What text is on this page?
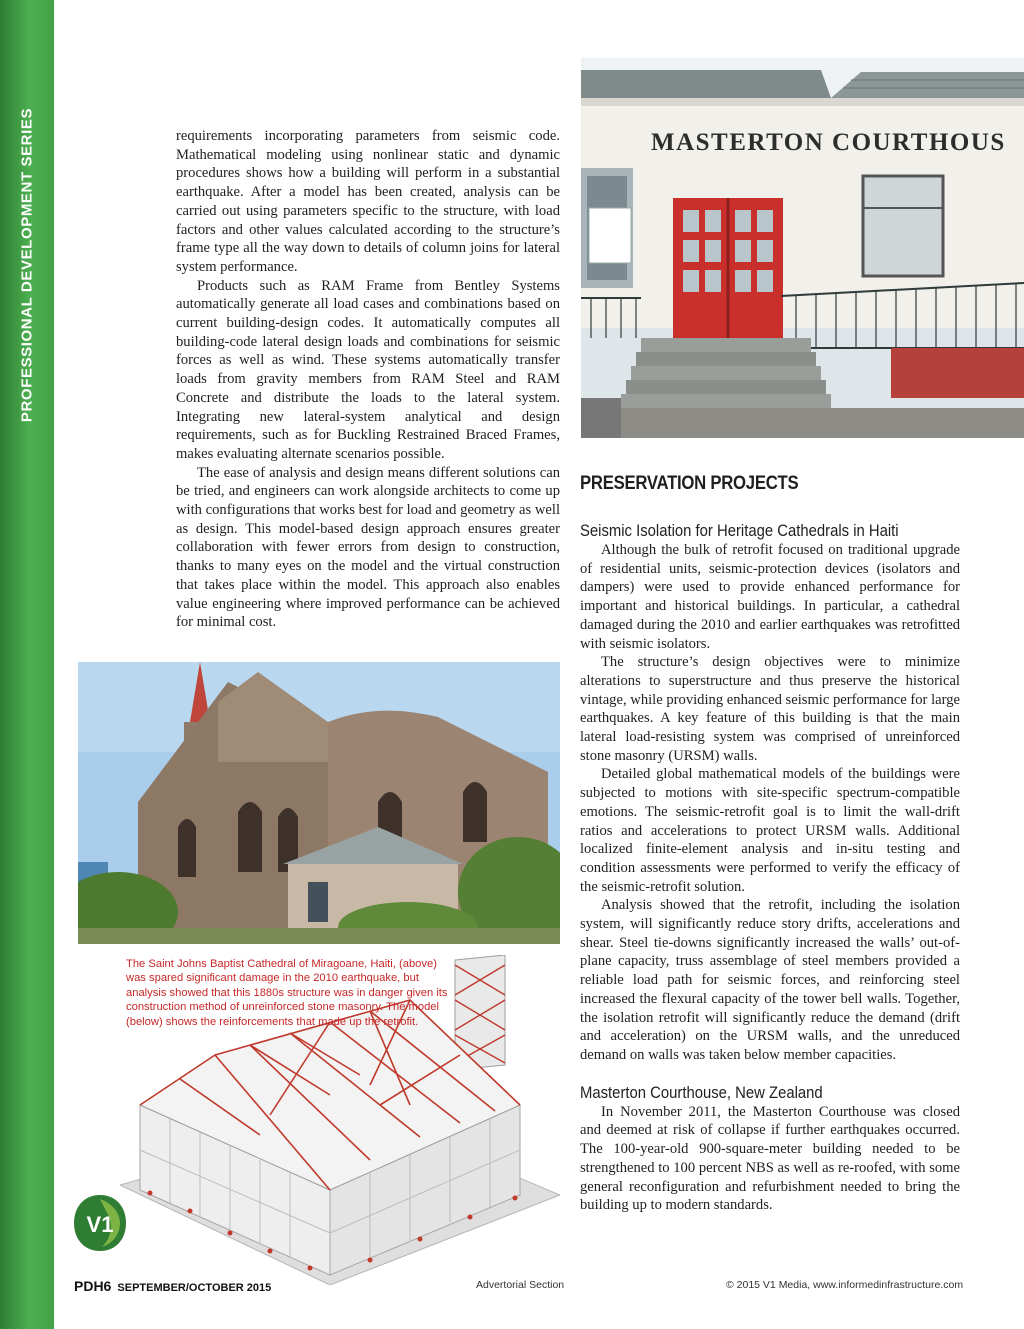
PROFESSIONAL DEVELOPMENT SERIES	requirements incorporating parameters from seismic code. Mathematical modeling using nonlinear static and dynamic procedures shows how a building will perform in a substantial earthquake. After a model has been created, analysis can be carried out using parameters specific to the structure, with load factors and other values calculated according to the structure’s frame type all the way down to details of column joins for lateral system performance.

Products such as RAM Frame from Bentley Systems automatically generate all load cases and combinations based on current building-design codes. It automatically computes all building-code lateral design loads and combinations for seismic forces as well as wind. These systems automatically transfer loads from gravity members from RAM Steel and RAM Concrete and distribute the loads to the lateral system. Integrating new lateral-system analytical and design requirements, such as for Buckling Restrained Braced Frames, makes evaluating alternate scenarios possible.

The ease of analysis and design means different solutions can be tried, and engineers can work alongside architects to come up with configurations that works best for load and geometry as well as design. This model-based design approach ensures greater collaboration with fewer errors from design to construction, thanks to many eyes on the model and the virtual construction that takes place within the model. This approach also enables value engineering where improved performance can be achieved for minimal cost.

MASTERTON COURTHOUS
PRESERVATION PROJECTS
Seismic Isolation for Heritage Cathedrals in Haiti

Although the bulk of retrofit focused on traditional upgrade of residential units, seismic-protection devices (isolators and dampers) were used to provide enhanced performance for important and historical buildings. In particular, a cathedral damaged during the 2010 and earlier earthquakes was retrofitted with seismic isolators.

The structure’s design objectives were to minimize alterations to superstructure and thus preserve the historical vintage, while providing enhanced seismic performance for large earthquakes. A key feature of this building is that the main lateral load-resisting system was comprised of unreinforced stone masonry (URSM) walls.

Detailed global mathematical models of the buildings were subjected to motions with site-specific spectrum-compatible emotions. The seismic-retrofit goal is to limit the wall-drift ratios and accelerations to protect URSM walls. Additional localized finite-element analysis and in-situ testing and condition assessments were performed to verify the efficacy of the seismic-retrofit solution.

Analysis showed that the retrofit, including the isolation system, will significantly reduce story drifts, accelerations and shear. Steel tie-downs significantly increased the walls’ out-of-plane capacity, truss assemblage of steel members provided a reliable load path for seismic forces, and reinforcing steel increased the flexural capacity of the tower bell walls. Together, the isolation retrofit will significantly reduce the demand (drift and acceleration) on the URSM walls, and the unreduced demand on walls was taken below member capacities.

Masterton Courthouse, New Zealand

In November 2011, the Masterton Courthouse was closed and deemed at risk of collapse if further earthquakes occurred. The 100-year-old 900-square-meter building needed to be strengthened to 100 percent NBS as well as re-roofed, with some general reconfiguration and refurbishment needed to bring the building up to modern standards.

The Saint Johns Baptist Cathedral of Miragoane, Haiti, (above) was spared significant damage in the 2010 earthquake, but analysis showed that this 1880s structure was in danger given its construction method of unreinforced stone masonry. The model (below) shows the reinforcements that made up the retrofit.
V1
PDH6 SEPTEMBER/OCTOBER 2015	Advertorial Section	© 2015 V1 Media, www.informedinfrastructure.com
